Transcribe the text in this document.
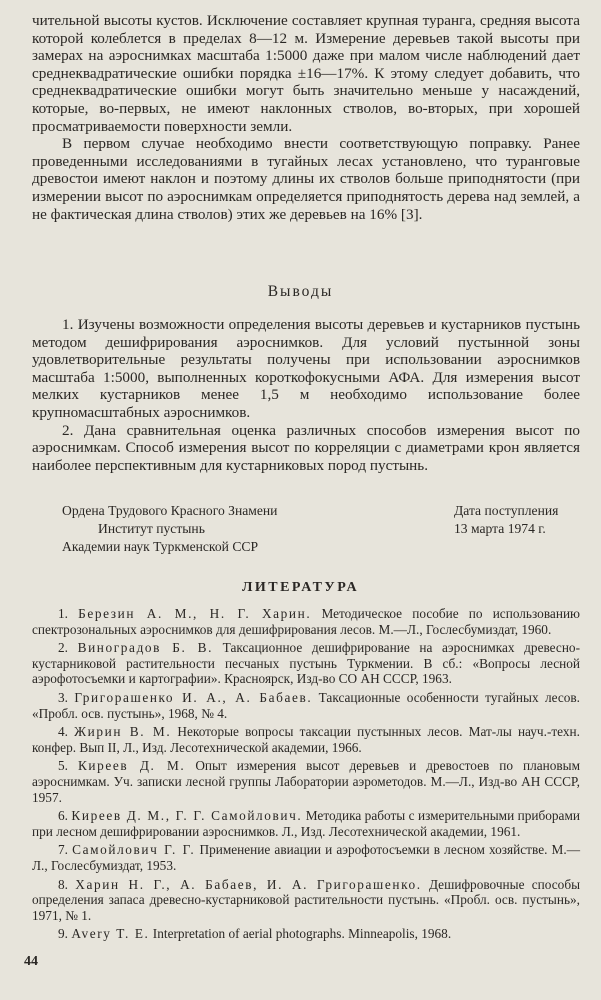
чительной высоты кустов. Исключение составляет крупная туранга, средняя высота которой колеблется в пределах 8—12 м. Измерение деревьев такой высоты при замерах на аэроснимках масштаба 1:5000 даже при малом числе наблюдений дает среднеквадратические ошибки порядка ±16—17%. К этому следует добавить, что среднеквадратические ошибки могут быть значительно меньше у насаждений, которые, во-первых, не имеют наклонных стволов, во-вторых, при хорошей просматриваемости поверхности земли.

В первом случае необходимо внести соответствующую поправку. Ранее проведенными исследованиями в тугайных лесах установлено, что туранговые древостои имеют наклон и поэтому длины их стволов больше приподнятости (при измерении высот по аэроснимкам определяется приподнятость дерева над землей, а не фактическая длина стволов) этих же деревьев на 16% [3].

Выводы

1. Изучены возможности определения высоты деревьев и кустарников пустынь методом дешифрирования аэроснимков. Для условий пустынной зоны удовлетворительные результаты получены при использовании аэроснимков масштаба 1:5000, выполненных короткофокусными АФА. Для измерения высот мелких кустарников менее 1,5 м необходимо использование более крупномасштабных аэроснимков.

2. Дана сравнительная оценка различных способов измерения высот по аэроснимкам. Способ измерения высот по корреляции с диаметрами крон является наиболее перспективным для кустарниковых пород пустынь.

Ордена Трудового Красного Знамени
Институт пустынь
Академии наук Туркменской ССР
Дата поступления
13 марта 1974 г.
ЛИТЕРАТУРА

1. Березин А. М., Н. Г. Харин. Методическое пособие по использованию спектрозональных аэроснимков для дешифрирования лесов. М.—Л., Гослесбумиздат, 1960.

2. Виноградов Б. В. Таксационное дешифрирование на аэроснимках древесно-кустарниковой растительности песчаных пустынь Туркмении. В сб.: «Вопросы лесной аэрофотосъемки и картографии». Красноярск, Изд-во СО АН СССР, 1963.

3. Григорашенко И. А., А. Бабаев. Таксационные особенности тугайных лесов. «Пробл. осв. пустынь», 1968, № 4.

4. Жирин В. М. Некоторые вопросы таксации пустынных лесов. Мат-лы науч.-техн. конфер. Вып II, Л., Изд. Лесотехнической академии, 1966.

5. Киреев Д. М. Опыт измерения высот деревьев и древостоев по плановым аэроснимкам. Уч. записки лесной группы Лаборатории аэрометодов. М.—Л., Изд-во АН СССР, 1957.

6. Киреев Д. М., Г. Г. Самойлович. Методика работы с измерительными приборами при лесном дешифрировании аэроснимков. Л., Изд. Лесотехнической академии, 1961.

7. Самойлович Г. Г. Применение авиации и аэрофотосъемки в лесном хозяйстве. М.—Л., Гослесбумиздат, 1953.

8. Харин Н. Г., А. Бабаев, И. А. Григорашенко. Дешифровочные способы определения запаса древесно-кустарниковой растительности пустынь. «Пробл. осв. пустынь», 1971, № 1.

9. Avery T. E. Interpretation of aerial photographs. Minneapolis, 1968.

44
